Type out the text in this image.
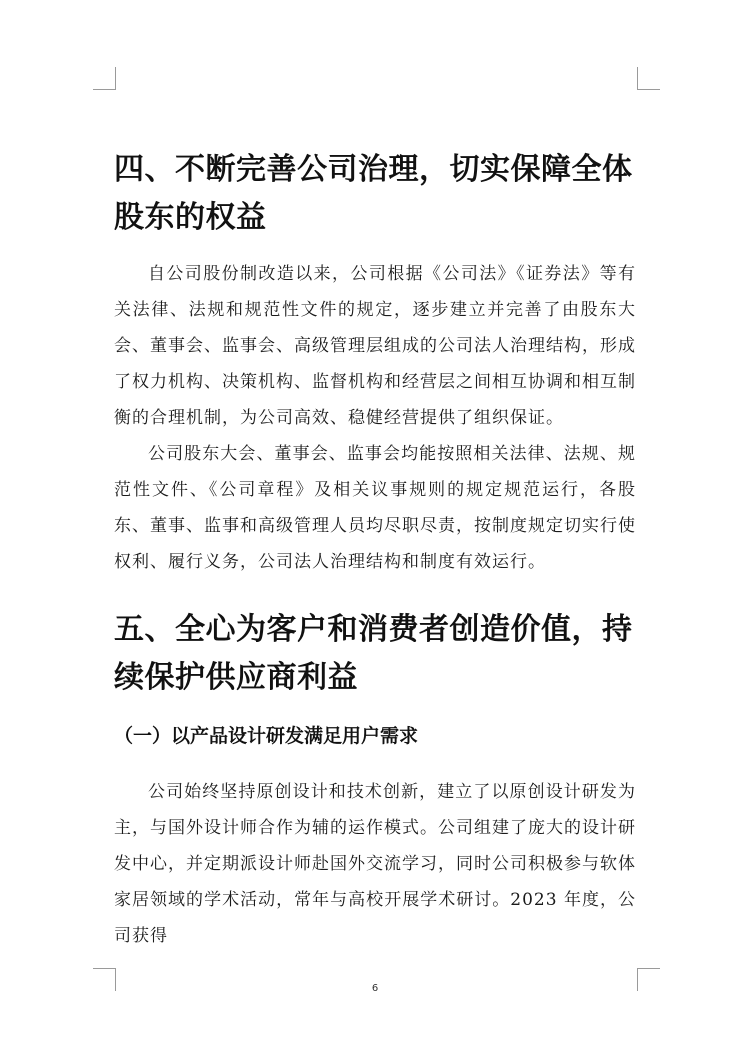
四、不断完善公司治理，切实保障全体股东的权益

自公司股份制改造以来，公司根据《公司法》《证券法》等有关法律、法规和规范性文件的规定，逐步建立并完善了由股东大会、董事会、监事会、高级管理层组成的公司法人治理结构，形成了权力机构、决策机构、监督机构和经营层之间相互协调和相互制衡的合理机制，为公司高效、稳健经营提供了组织保证。

公司股东大会、董事会、监事会均能按照相关法律、法规、规范性文件、《公司章程》及相关议事规则的规定规范运行，各股东、董事、监事和高级管理人员均尽职尽责，按制度规定切实行使权利、履行义务，公司法人治理结构和制度有效运行。

五、全心为客户和消费者创造价值，持续保护供应商利益
（一）以产品设计研发满足用户需求

公司始终坚持原创设计和技术创新，建立了以原创设计研发为主，与国外设计师合作为辅的运作模式。公司组建了庞大的设计研发中心，并定期派设计师赴国外交流学习，同时公司积极参与软体家居领域的学术活动，常年与高校开展学术研讨。2023 年度，公司获得

6
